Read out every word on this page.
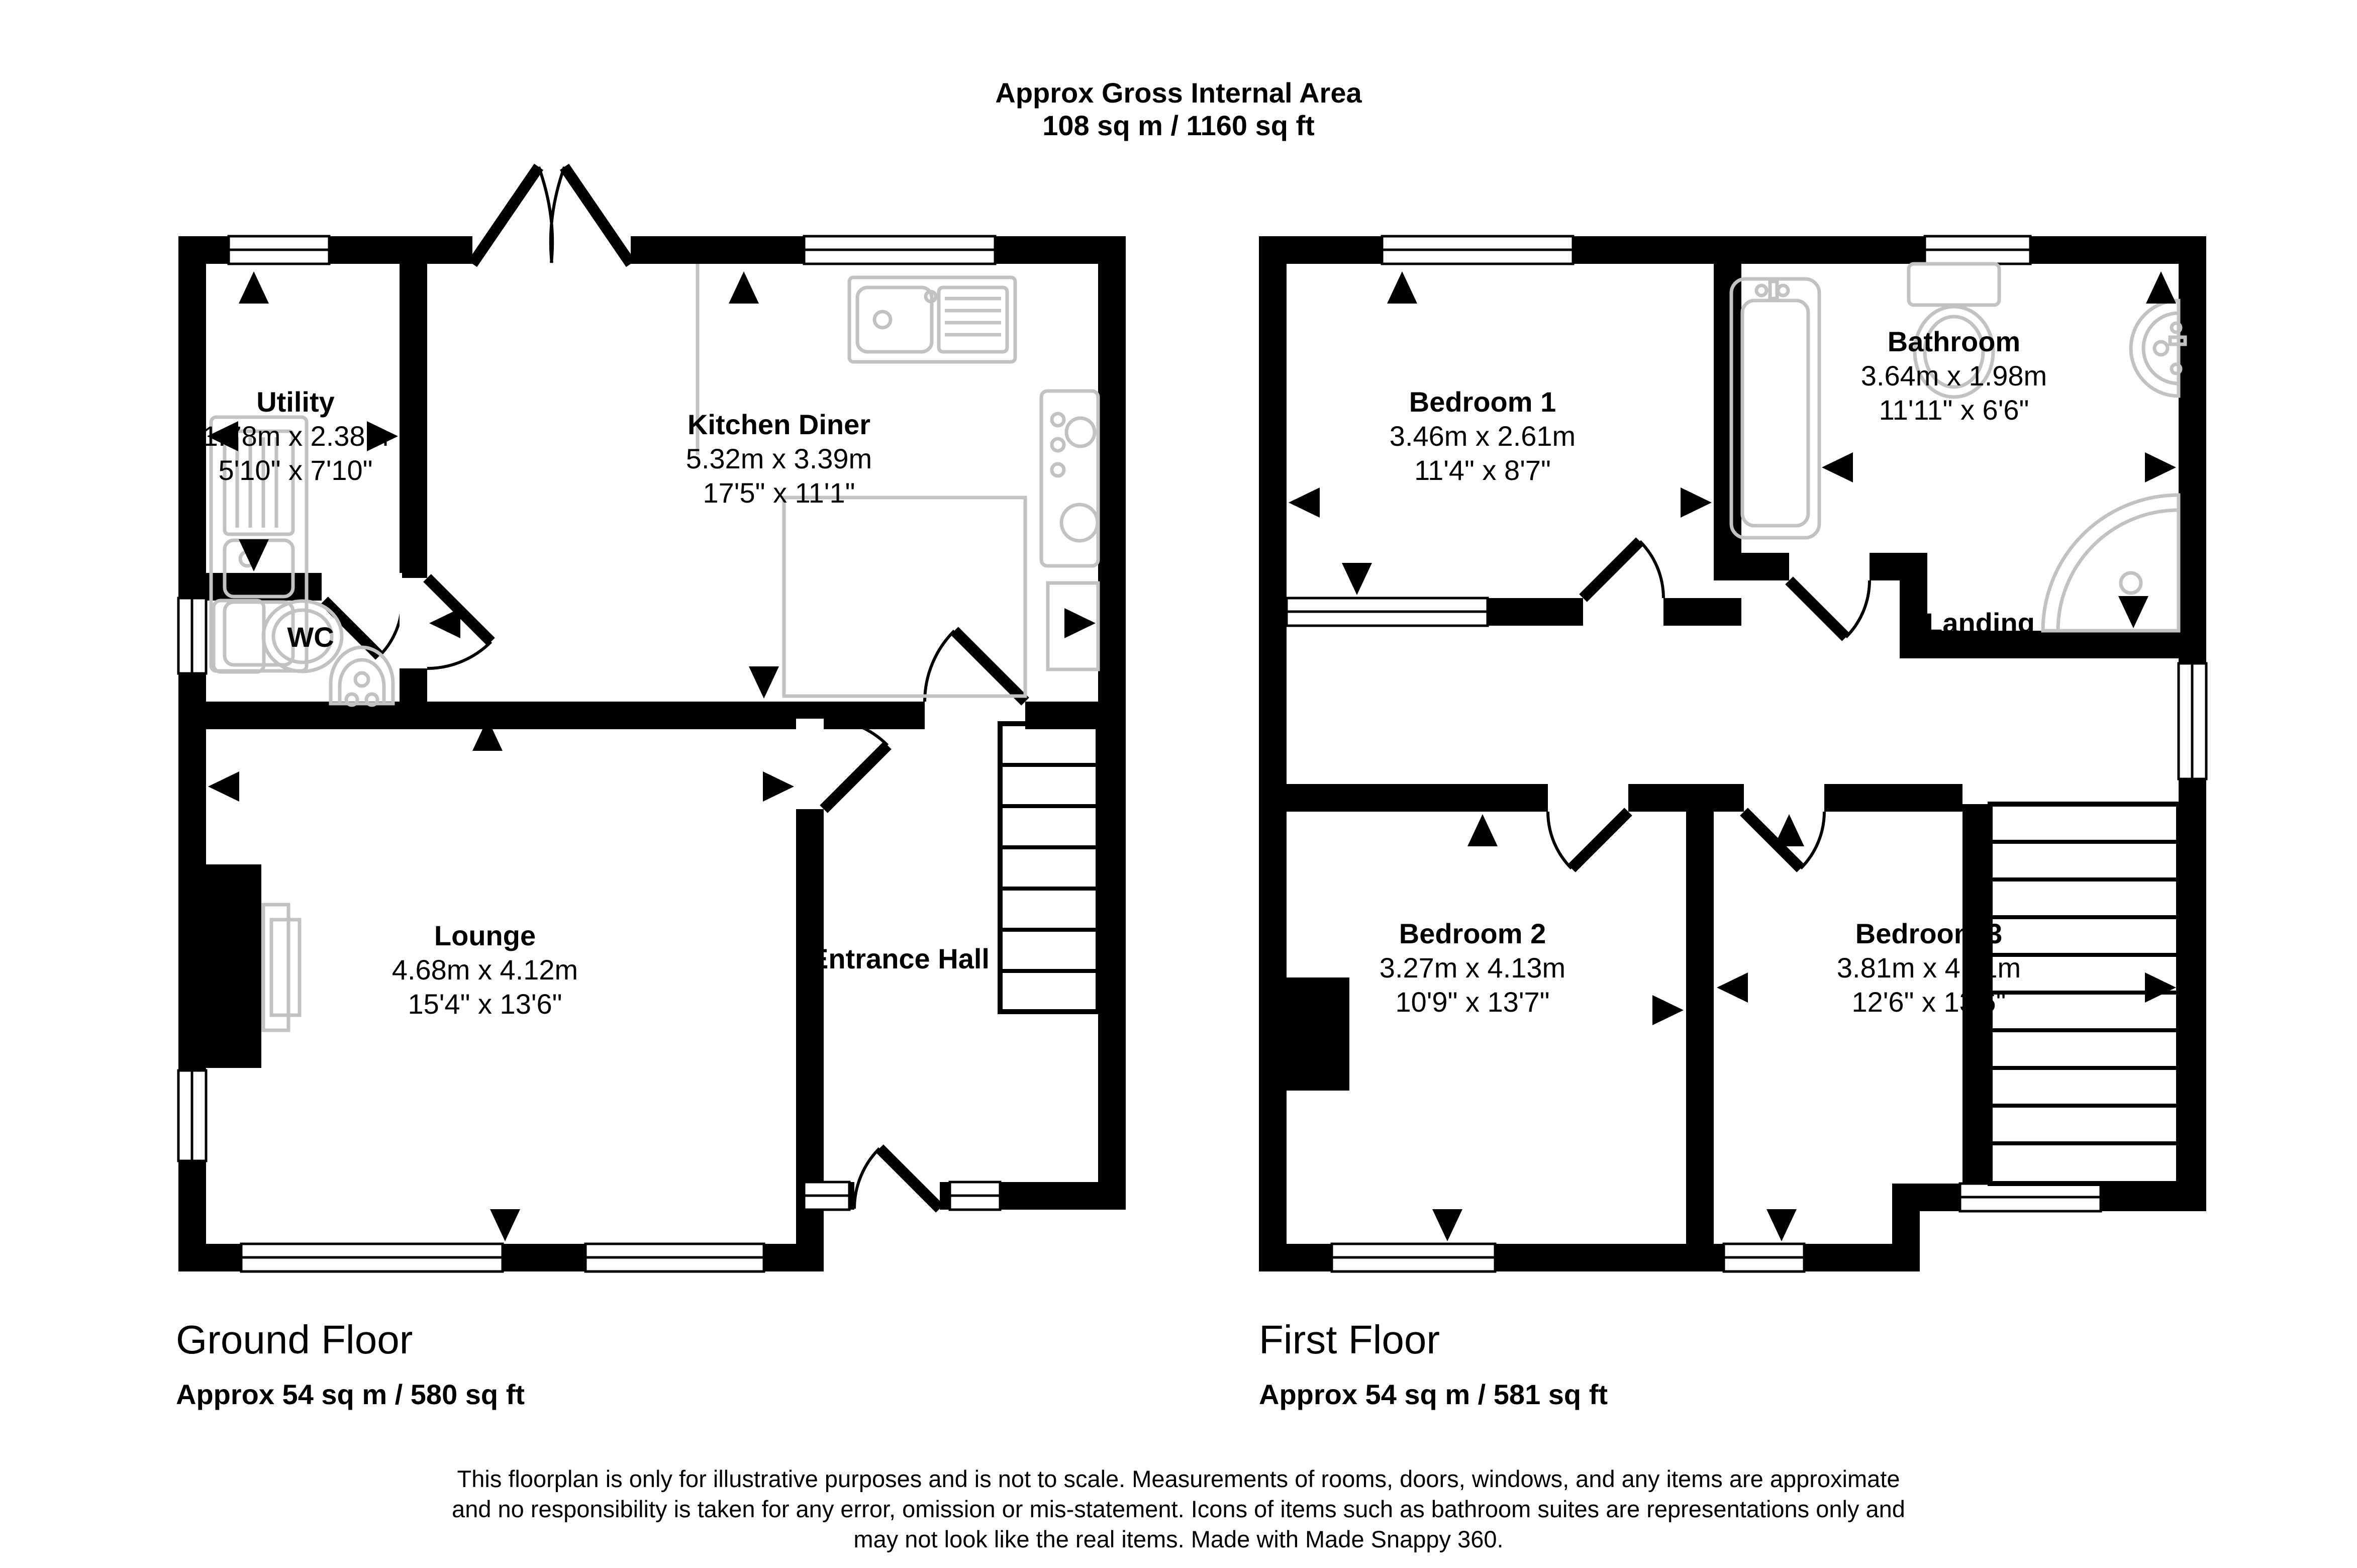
Approx Gross Internal Area
108 sq m / 1160 sq ft
Utility
1.78m x 2.38m
5'10" x 7'10"
Kitchen Diner
5.32m x 3.39m
17'5" x 11'1"
WC
Lounge
4.68m x 4.12m
15'4" x 13'6"
Entrance Hall
Bedroom 1
3.46m x 2.61m
11'4" x 8'7"
Bathroom
3.64m x 1.98m
11'11" x 6'6"
Landing
Bedroom 2
3.27m x 4.13m
10'9" x 13'7"
Bedroom 3
3.81m x 4.11m
12'6" x 13'6"
Ground Floor
Approx 54 sq m / 580 sq ft
First Floor
Approx 54 sq m / 581 sq ft
This floorplan is only for illustrative purposes and is not to scale. Measurements of rooms, doors, windows, and any items are approximate
and no responsibility is taken for any error, omission or mis-statement. Icons of items such as bathroom suites are representations only and
may not look like the real items. Made with Made Snappy 360.
